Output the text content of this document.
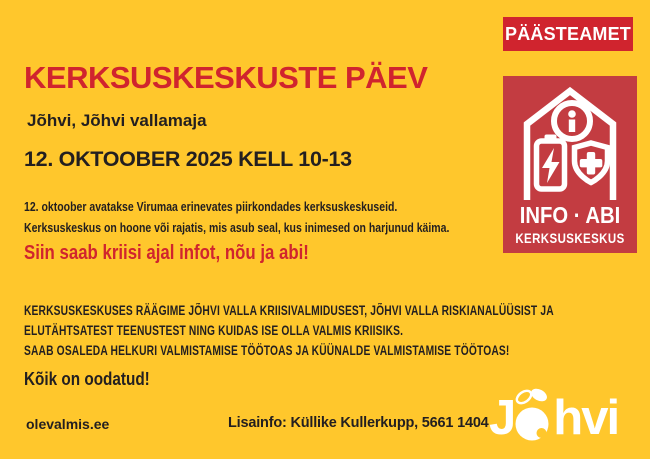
PÄÄSTEAMET
KERKSUSKESKUSTE PÄEV
Jõhvi, Jõhvi vallamaja
12. OKTOOBER 2025 KELL 10-13
12. oktoober avatakse Virumaa erinevates piirkondades kerksuskeskuseid.
Kerksuskeskus on hoone või rajatis, mis asub seal, kus inimesed on harjunud käima.
Siin saab kriisi ajal infot, nõu ja abi!
KERKSUSKESKUSES RÄÄGIME JÕHVI VALLA KRIISIVALMIDUSEST, JÕHVI VALLA RISKIANALÜÜSIST JA
ELUTÄHTSATEST TEENUSTEST NING KUIDAS ISE OLLA VALMIS KRIISIKS.
SAAB OSALEDA HELKURI VALMISTAMISE TÖÖTOAS JA KÜÜNALDE VALMISTAMISE TÖÖTOAS!
Kõik on oodatud!
olevalmis.ee	Lisainfo: Küllike Kullerkupp, 5661 1404
INFO · ABI
KERKSUSKESKUS
J hvi
